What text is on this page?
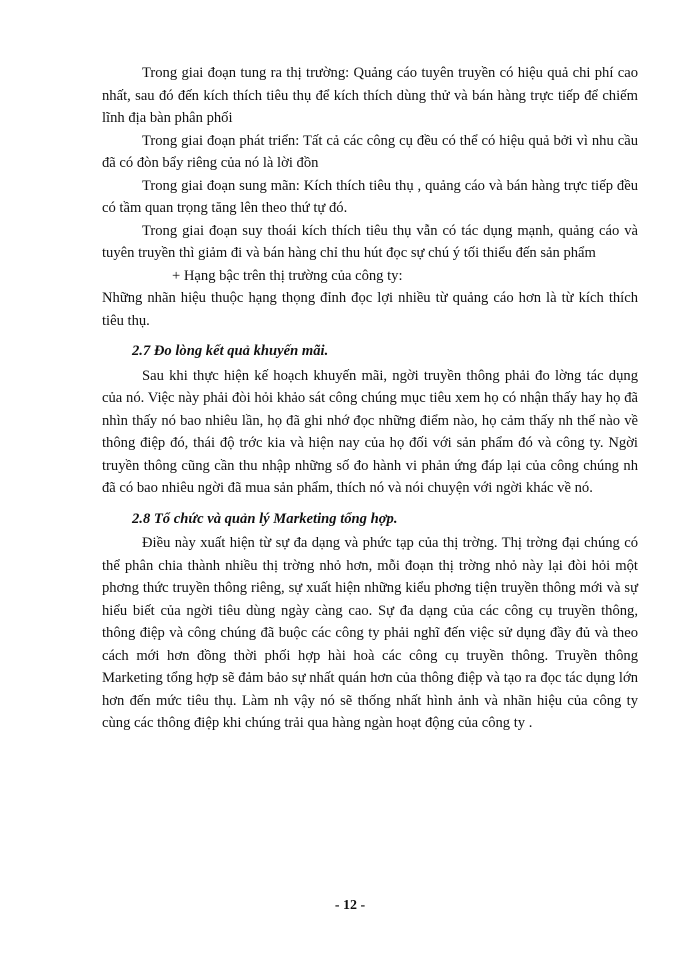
Trong giai đoạn tung ra thị trường: Quảng cáo tuyên truyền có hiệu quả chi phí cao nhất, sau đó đến kích thích tiêu thụ để kích thích dùng thử và bán hàng trực tiếp để chiếm lĩnh địa bàn phân phối

Trong giai đoạn phát triển: Tất cả các công cụ đều có thể có hiệu quả bởi vì nhu cầu đã có đòn bẩy riêng của nó là lời đồn

Trong giai đoạn sung mãn: Kích thích tiêu thụ , quảng cáo và bán hàng trực tiếp đều có tầm quan trọng tăng lên theo thứ tự đó.

Trong giai đoạn suy thoái kích thích tiêu thụ vẫn có tác dụng mạnh, quảng cáo và tuyên truyền thì giảm đi và bán hàng chỉ thu hút đọc sự chú ý tối thiểu đến sản phẩm

+ Hạng bậc trên thị trường của công ty:

Những nhãn hiệu thuộc hạng thọng đỉnh đọc lợi nhiều từ quảng cáo hơn là từ kích thích tiêu thụ.

2.7 Đo lòng kết quả khuyến mãi.

Sau khi thực hiện kế hoạch khuyến mãi, ngời truyền thông phải đo lờng tác dụng của nó. Việc này phải đòi hỏi khảo sát công chúng mục tiêu xem họ có nhận thấy hay họ đã nhìn thấy nó bao nhiêu lần, họ đã ghi nhớ đọc những điểm nào, họ cảm thấy nh thế nào về thông điệp đó, thái độ trớc kia và hiện nay của họ đối với sản phẩm đó và công ty. Ngời truyền thông cũng cần thu nhập những số đo hành vi phản ứng đáp lại của công chúng nh đã có bao nhiêu ngời đã mua sản phẩm, thích nó và nói chuyện với ngời khác về nó.

2.8 Tổ chức và quản lý Marketing tổng hợp.

Điều này xuất hiện từ sự đa dạng và phức tạp của thị trờng. Thị trờng đại chúng có thể phân chia thành nhiều thị trờng nhỏ hơn, mỗi đoạn thị trờng nhỏ này lại đòi hỏi một phơng thức truyền thông riêng, sự xuất hiện những kiểu phơng tiện truyền thông mới và sự hiểu biết của ngời tiêu dùng ngày càng cao. Sự đa dạng của các công cụ truyền thông, thông điệp và công chúng đã buộc các công ty phải nghĩ đến việc sử dụng đầy đủ và theo cách mới hơn đồng thời phối hợp hài hoà các công cụ truyền thông. Truyền thông Marketing tổng hợp sẽ đảm bảo sự nhất quán hơn của thông điệp và tạo ra đọc tác dụng lớn hơn đến mức tiêu thụ. Làm nh vậy nó sẽ thống nhất hình ảnh và nhãn hiệu của công ty cùng các thông điệp khi chúng trải qua hàng ngàn hoạt động của công ty .

- 12 -
